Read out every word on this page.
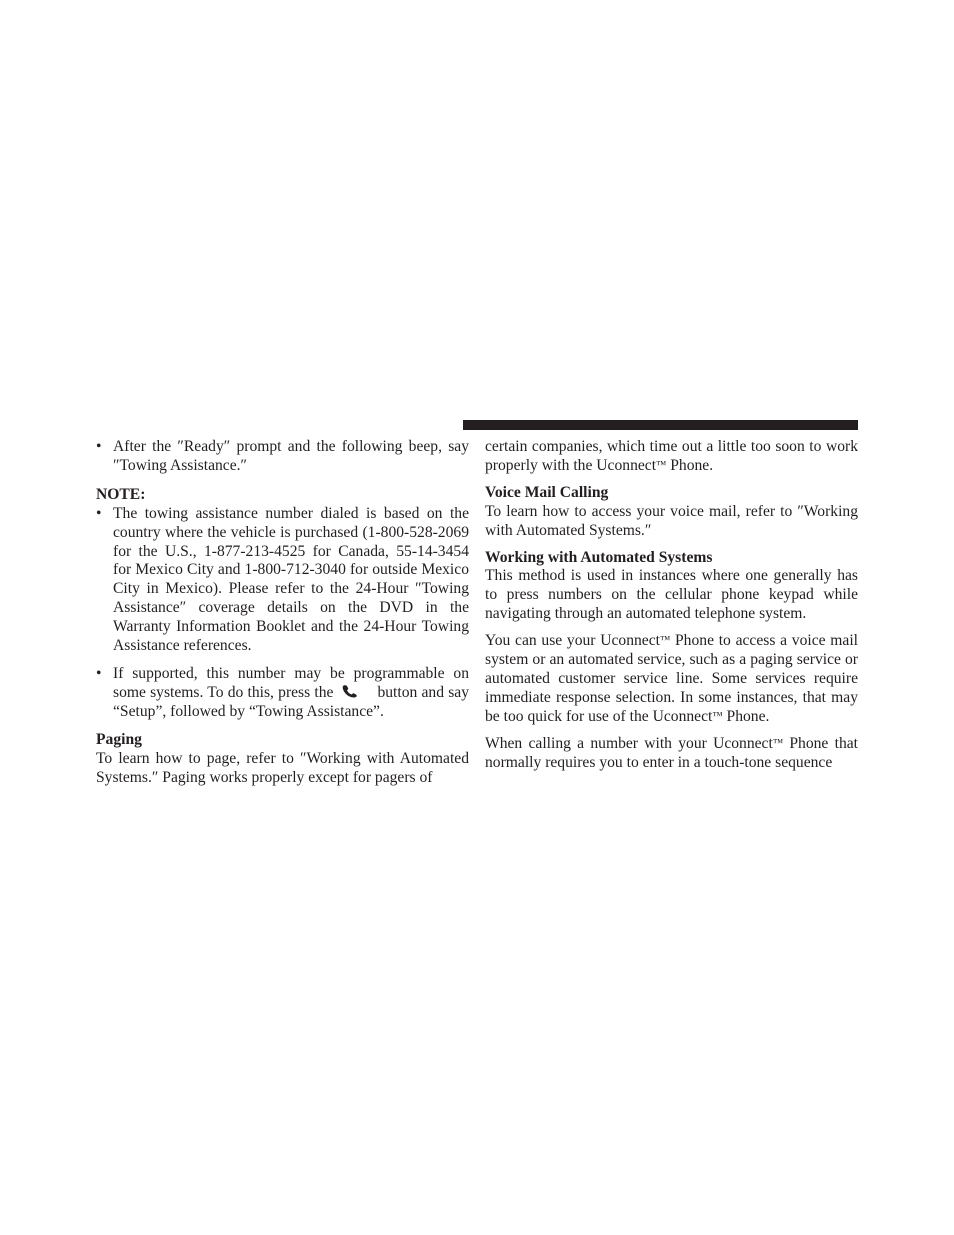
• After the ″Ready″ prompt and the following beep, say ″Towing Assistance.″
NOTE:
• The towing assistance number dialed is based on the country where the vehicle is purchased (1-800-528-2069 for the U.S., 1-877-213-4525 for Canada, 55-14-3454 for Mexico City and 1-800-712-3040 for outside Mexico City in Mexico). Please refer to the 24-Hour ″Towing Assistance″ coverage details on the DVD in the Warranty Information Booklet and the 24-Hour Towing Assistance references.
• If supported, this number may be programmable on some systems. To do this, press the	button and say “Setup”, followed by “Towing Assistance”.
Paging

To learn how to page, refer to ″Working with Automated Systems.″ Paging works properly except for pagers of

certain companies, which time out a little too soon to work properly with the Uconnect™ Phone.

Voice Mail Calling

To learn how to access your voice mail, refer to ″Working with Automated Systems.″

Working with Automated Systems

This method is used in instances where one generally has to press numbers on the cellular phone keypad while navigating through an automated telephone system.

You can use your Uconnect™ Phone to access a voice mail system or an automated service, such as a paging service or automated customer service line. Some services require immediate response selection. In some instances, that may be too quick for use of the Uconnect™ Phone.

When calling a number with your Uconnect™ Phone that normally requires you to enter in a touch-tone sequence
